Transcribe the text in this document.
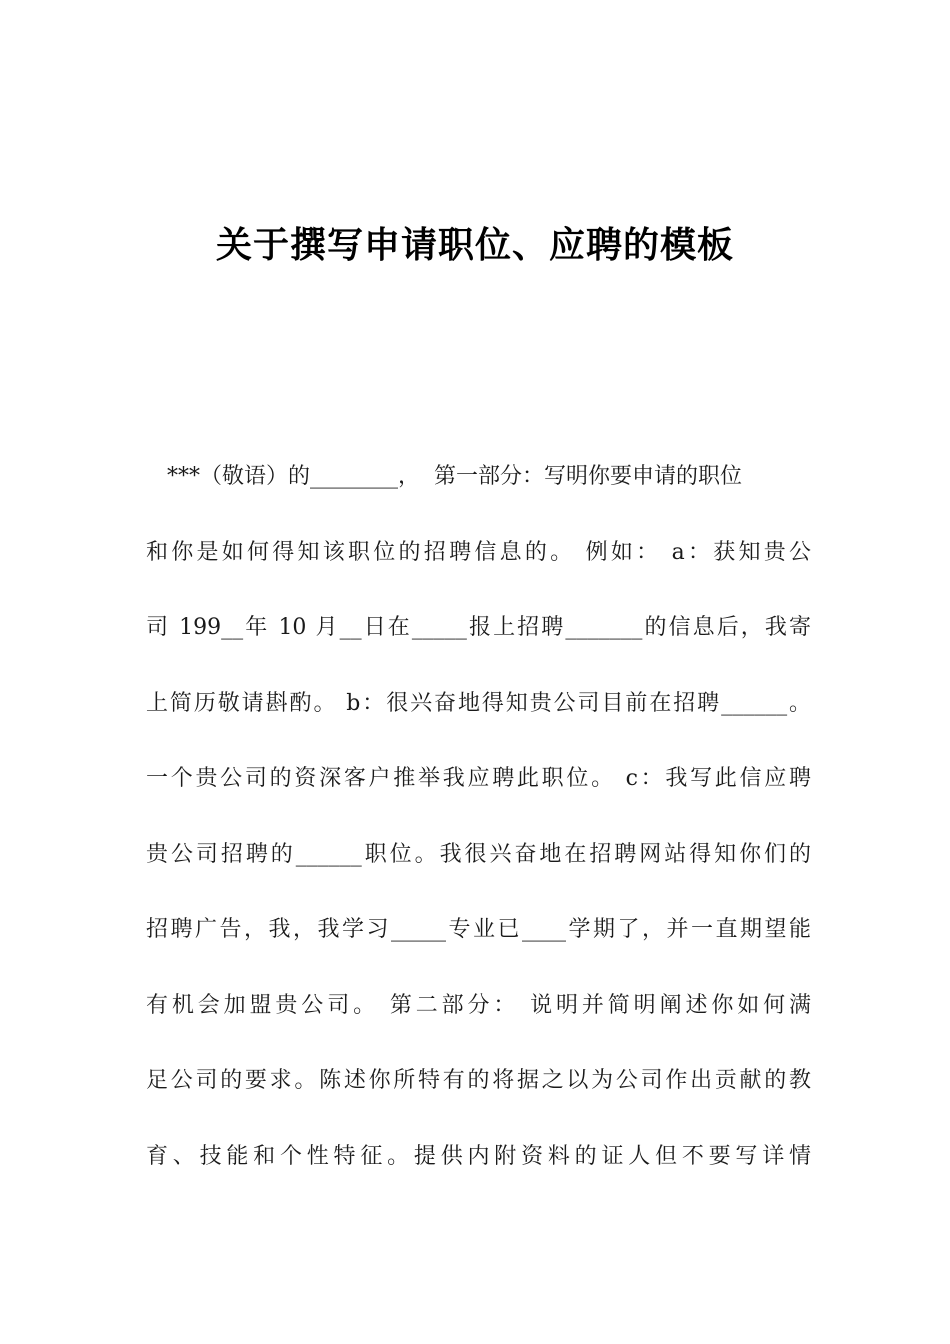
关于撰写申请职位、应聘的模板
***（敬语）的________，  第一部分：写明你要申请的职位
和你是如何得知该职位的招聘信息的。 例如： a：获知贵公
司 199__年 10 月__日在_____报上招聘_______的信息后，我寄
上简历敬请斟酌。 b：很兴奋地得知贵公司目前在招聘______。
一个贵公司的资深客户推举我应聘此职位。 c：我写此信应聘
贵公司招聘的______职位。我很兴奋地在招聘网站得知你们的
招聘广告，我，我学习_____专业已____学期了，并一直期望能
有机会加盟贵公司。 第二部分： 说明并简明阐述你如何满
足公司的要求。陈述你所特有的将据之以为公司作出贡献的教
育、技能和个性特征。提供内附资料的证人但不要写详情
